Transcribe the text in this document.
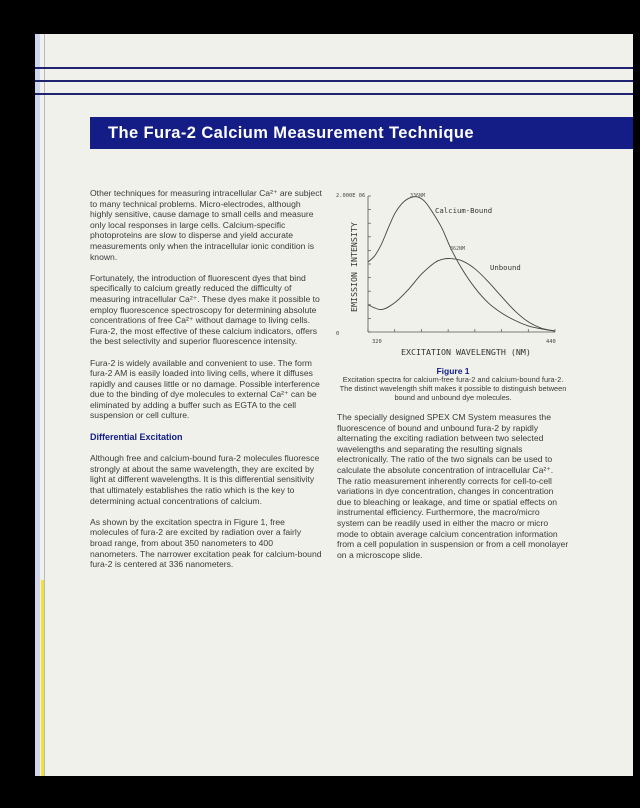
The Fura-2 Calcium Measurement Technique

Other techniques for measuring intracellular Ca²⁺ are subject to many technical problems. Micro-electrodes, although highly sensitive, cause damage to small cells and measure only local responses in large cells. Calcium-specific photoproteins are slow to disperse and yield accurate measurements only when the intracellular ionic condition is known.

Fortunately, the introduction of fluorescent dyes that bind specifically to calcium greatly reduced the difficulty of measuring intracellular Ca²⁺. These dyes make it possible to employ fluorescence spectroscopy for determining absolute concentrations of free Ca²⁺ without damage to living cells. Fura-2, the most effective of these calcium indicators, offers the best selectivity and superior fluorescence intensity.

Fura-2 is widely available and convenient to use. The form fura-2 AM is easily loaded into living cells, where it diffuses rapidly and causes little or no damage. Possible interference due to the binding of dye molecules to external Ca²⁺ can be eliminated by adding a buffer such as EGTA to the cell suspension or cell culture.

Differential Excitation

Although free and calcium-bound fura-2 molecules fluoresce strongly at about the same wavelength, they are excited by light at different wavelengths. It is this differential sensitivity that ultimately establishes the ratio which is the key to determining actual concentrations of calcium.

As shown by the excitation spectra in Figure 1, free molecules of fura-2 are excited by radiation over a fairly broad range, from about 350 nanometers to 400 nanometers. The narrower excitation peak for calcium-bound fura-2 is centered at 336 nanometers.

2.000E 06
0
320	440
EXCITATION WAVELENGTH (NM)
EMISSION INTENSITY
Calcium-Bound
Unbound
336NM
362NM
Figure 1
Excitation spectra for calcium-free fura-2 and calcium-bound fura-2. The distinct wavelength shift makes it possible to distinguish between bound and unbound dye molecules.

The specially designed SPEX CM System measures the fluorescence of bound and unbound fura-2 by rapidly alternating the exciting radiation between two selected wavelengths and separating the resulting signals electronically. The ratio of the two signals can be used to calculate the absolute concentration of intracellular Ca²⁺. The ratio measurement inherently corrects for cell-to-cell variations in dye concentration, changes in concentration due to bleaching or leakage, and time or spatial effects on instrumental efficiency. Furthermore, the macro/micro system can be readily used in either the macro or micro mode to obtain average calcium concentration information from a cell population in suspension or from a cell monolayer on a microscope slide.
